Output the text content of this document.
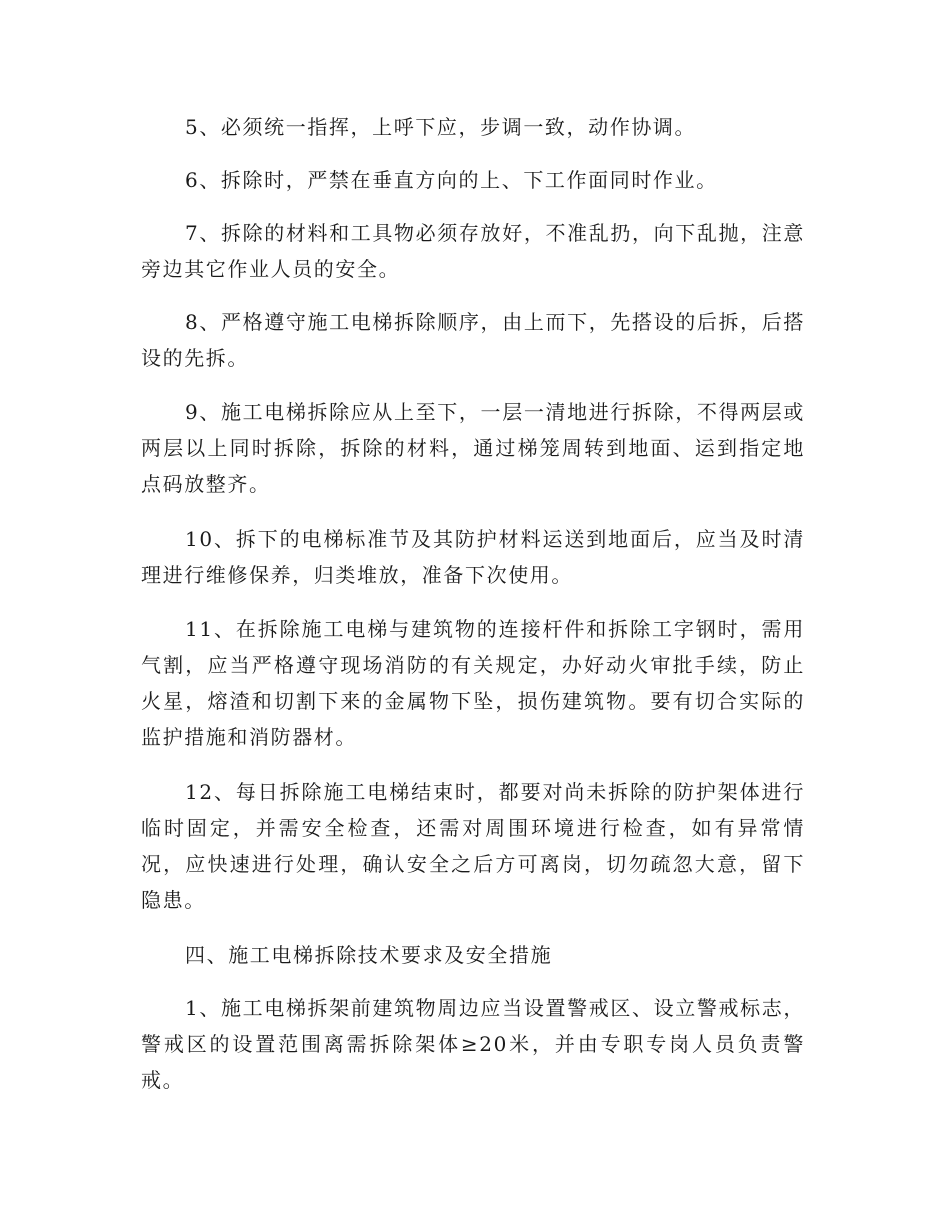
5、必须统一指挥，上呼下应，步调一致，动作协调。

6、拆除时，严禁在垂直方向的上、下工作面同时作业。

7、拆除的材料和工具物必须存放好，不准乱扔，向下乱抛，注意旁边其它作业人员的安全。

8、严格遵守施工电梯拆除顺序，由上而下，先搭设的后拆，后搭设的先拆。

9、施工电梯拆除应从上至下，一层一清地进行拆除，不得两层或两层以上同时拆除，拆除的材料，通过梯笼周转到地面、运到指定地点码放整齐。

10、拆下的电梯标准节及其防护材料运送到地面后，应当及时清理进行维修保养，归类堆放，准备下次使用。

11、在拆除施工电梯与建筑物的连接杆件和拆除工字钢时，需用气割，应当严格遵守现场消防的有关规定，办好动火审批手续，防止火星，熔渣和切割下来的金属物下坠，损伤建筑物。要有切合实际的监护措施和消防器材。

12、每日拆除施工电梯结束时，都要对尚未拆除的防护架体进行临时固定，并需安全检查，还需对周围环境进行检查，如有异常情况，应快速进行处理，确认安全之后方可离岗，切勿疏忽大意，留下隐患。

四、施工电梯拆除技术要求及安全措施

1、施工电梯拆架前建筑物周边应当设置警戒区、设立警戒标志，警戒区的设置范围离需拆除架体≥20米，并由专职专岗人员负责警戒。
